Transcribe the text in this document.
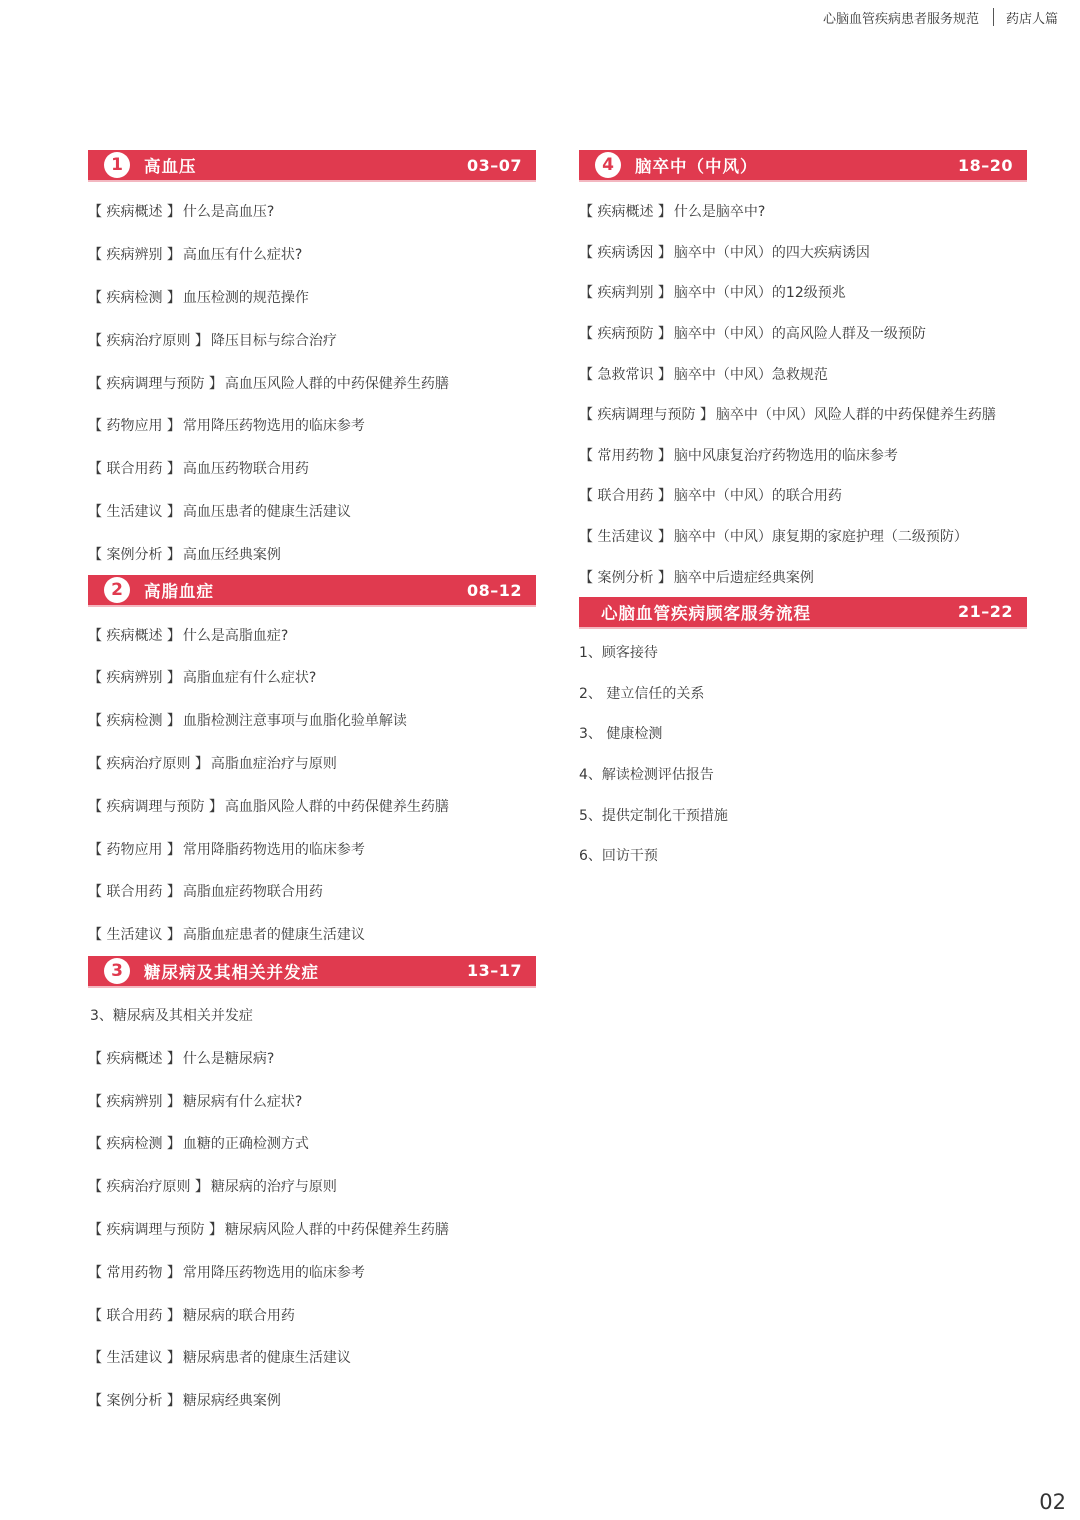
心脑血管疾病患者服务规范 药店人篇
1	高血压	03–07
【 疾病概述 】 什么是高血压?
【 疾病辨别 】 高血压有什么症状?
【 疾病检测 】 血压检测的规范操作
【 疾病治疗原则 】 降压目标与综合治疗
【 疾病调理与预防 】 高血压风险人群的中药保健养生药膳
【 药物应用 】 常用降压药物选用的临床参考
【 联合用药 】 高血压药物联合用药
【 生活建议 】 高血压患者的健康生活建议
【 案例分析 】 高血压经典案例
2	高脂血症	08–12
【 疾病概述 】 什么是高脂血症?
【 疾病辨别 】 高脂血症有什么症状?
【 疾病检测 】 血脂检测注意事项与血脂化验单解读
【 疾病治疗原则 】 高脂血症治疗与原则
【 疾病调理与预防 】 高血脂风险人群的中药保健养生药膳
【 药物应用 】 常用降脂药物选用的临床参考
【 联合用药 】 高脂血症药物联合用药
【 生活建议 】 高脂血症患者的健康生活建议
3	糖尿病及其相关并发症	13–17
3、糖尿病及其相关并发症
【 疾病概述 】 什么是糖尿病?
【 疾病辨别 】 糖尿病有什么症状?
【 疾病检测 】 血糖的正确检测方式
【 疾病治疗原则 】 糖尿病的治疗与原则
【 疾病调理与预防 】 糖尿病风险人群的中药保健养生药膳
【 常用药物 】 常用降压药物选用的临床参考
【 联合用药 】 糖尿病的联合用药
【 生活建议 】 糖尿病患者的健康生活建议
【 案例分析 】 糖尿病经典案例
4	脑卒中（中风）	18–20
【 疾病概述 】 什么是脑卒中?
【 疾病诱因 】 脑卒中（中风）的四大疾病诱因
【 疾病判别 】 脑卒中（中风）的12级预兆
【 疾病预防 】 脑卒中（中风）的高风险人群及一级预防
【 急救常识 】 脑卒中（中风）急救规范
【 疾病调理与预防 】 脑卒中（中风）风险人群的中药保健养生药膳
【 常用药物 】 脑中风康复治疗药物选用的临床参考
【 联合用药 】 脑卒中（中风）的联合用药
【 生活建议 】 脑卒中（中风）康复期的家庭护理（二级预防）
【 案例分析 】 脑卒中后遗症经典案例
心脑血管疾病顾客服务流程	21–22
1、顾客接待
2、 建立信任的关系
3、 健康检测
4、解读检测评估报告
5、提供定制化干预措施
6、回访干预
02
